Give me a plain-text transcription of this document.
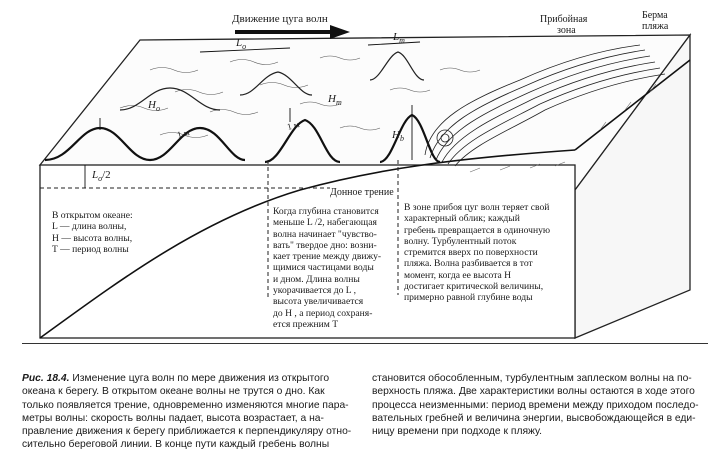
Движение цуга волн	Прибойная
зона
Берма
пляжа
$L_o$
$L_m$
$H_o$
$H_m$
$H_b$
1 м
1 м
$L_o/2$
Донное трение
В открытом океане:
L — длина волны,
H — высота волны,
T — период волны
Когда глубина становится
меньше L /2, набегающая
волна начинает "чувство-
вать" твердое дно: возни-
кает трение между движу-
щимися частицами воды
и дном. Длина волны
укорачивается до L ,
высота увеличивается
до H , а период сохраня-
ется прежним T
В зоне прибоя цуг волн теряет свой
характерный облик; каждый
гребень превращается в одиночную
волну. Турбулентный поток
стремится вверх по поверхности
пляжа. Волна разбивается в тот
момент, когда ее высота H
достигает критической величины,
примерно равной глубине воды
Рис. 18.4. Изменение цуга волн по мере движения из открытого
океана к берегу. В открытом океане волны не трутся о дно. Как
только появляется трение, одновременно изменяются многие пара-
метры волны: скорость волны падает, высота возрастает, а на-
правление движения к берегу приближается к перпендикуляру отно-
сительно береговой линии. В конце пути каждый гребень волны
становится обособленным, турбулентным заплеском волны на по-
верхность пляжа. Две характеристики волны остаются в ходе этого
процесса неизменными: период времени между приходом последо-
вательных гребней и величина энергии, высвобождающейся в еди-
ницу времени при подходе к пляжу.
